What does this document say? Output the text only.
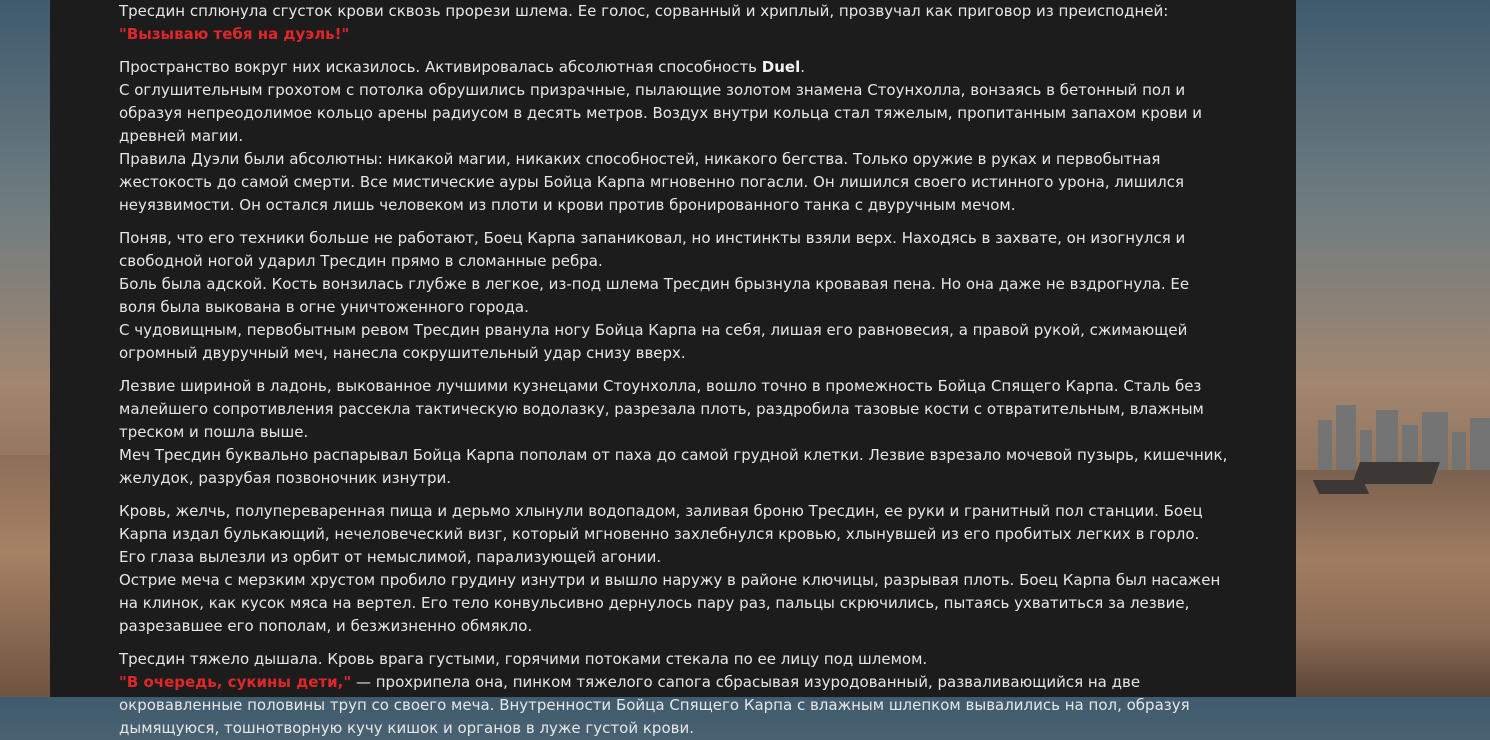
Тресдин сплюнула сгусток крови сквозь прорези шлема. Ее голос, сорванный и хриплый, прозвучал как приговор из преисподней:
"Вызываю тебя на дуэль!"

Пространство вокруг них исказилось. Активировалась абсолютная способность Duel.
С оглушительным грохотом с потолка обрушились призрачные, пылающие золотом знамена Стоунхолла, вонзаясь в бетонный пол и образуя непреодолимое кольцо арены радиусом в десять метров. Воздух внутри кольца стал тяжелым, пропитанным запахом крови и древней магии.
Правила Дуэли были абсолютны: никакой магии, никаких способностей, никакого бегства. Только оружие в руках и первобытная жестокость до самой смерти. Все мистические ауры Бойца Карпа мгновенно погасли. Он лишился своего истинного урона, лишился неуязвимости. Он остался лишь человеком из плоти и крови против бронированного танка с двуручным мечом.

Поняв, что его техники больше не работают, Боец Карпа запаниковал, но инстинкты взяли верх. Находясь в захвате, он изогнулся и свободной ногой ударил Тресдин прямо в сломанные ребра.
Боль была адской. Кость вонзилась глубже в легкое, из-под шлема Тресдин брызнула кровавая пена. Но она даже не вздрогнула. Ее воля была выкована в огне уничтоженного города.
С чудовищным, первобытным ревом Тресдин рванула ногу Бойца Карпа на себя, лишая его равновесия, а правой рукой, сжимающей огромный двуручный меч, нанесла сокрушительный удар снизу вверх.

Лезвие шириной в ладонь, выкованное лучшими кузнецами Стоунхолла, вошло точно в промежность Бойца Спящего Карпа. Сталь без малейшего сопротивления рассекла тактическую водолазку, разрезала плоть, раздробила тазовые кости с отвратительным, влажным треском и пошла выше.
Меч Тресдин буквально распарывал Бойца Карпа пополам от паха до самой грудной клетки. Лезвие взрезало мочевой пузырь, кишечник, желудок, разрубая позвоночник изнутри.

Кровь, желчь, полупереваренная пища и дерьмо хлынули водопадом, заливая броню Тресдин, ее руки и гранитный пол станции. Боец Карпа издал булькающий, нечеловеческий визг, который мгновенно захлебнулся кровью, хлынувшей из его пробитых легких в горло. Его глаза вылезли из орбит от немыслимой, парализующей агонии.
Острие меча с мерзким хрустом пробило грудину изнутри и вышло наружу в районе ключицы, разрывая плоть. Боец Карпа был насажен на клинок, как кусок мяса на вертел. Его тело конвульсивно дернулось пару раз, пальцы скрючились, пытаясь ухватиться за лезвие, разрезавшее его пополам, и безжизненно обмякло.

Тресдин тяжело дышала. Кровь врага густыми, горячими потоками стекала по ее лицу под шлемом.
"В очередь, сукины дети," — прохрипела она, пинком тяжелого сапога сбрасывая изуродованный, разваливающийся на две окровавленные половины труп со своего меча. Внутренности Бойца Спящего Карпа с влажным шлепком вывалились на пол, образуя дымящуюся, тошнотворную кучу кишок и органов в луже густой крови.
